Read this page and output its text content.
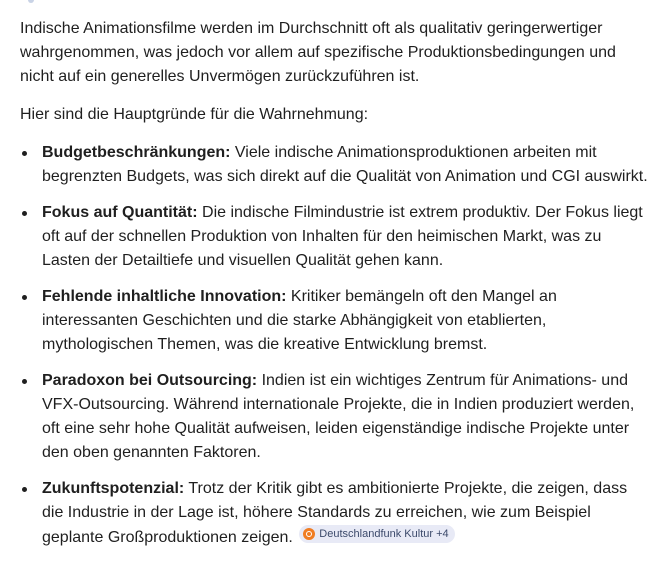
Indische Animationsfilme werden im Durchschnitt oft als qualitativ geringerwertiger wahrgenommen, was jedoch vor allem auf spezifische Produktionsbedingungen und nicht auf ein generelles Unvermögen zurückzuführen ist.

Hier sind die Hauptgründe für die Wahrnehmung:

Budgetbeschränkungen: Viele indische Animationsproduktionen arbeiten mit begrenzten Budgets, was sich direkt auf die Qualität von Animation und CGI auswirkt.
Fokus auf Quantität: Die indische Filmindustrie ist extrem produktiv. Der Fokus liegt oft auf der schnellen Produktion von Inhalten für den heimischen Markt, was zu Lasten der Detailtiefe und visuellen Qualität gehen kann.
Fehlende inhaltliche Innovation: Kritiker bemängeln oft den Mangel an interessanten Geschichten und die starke Abhängigkeit von etablierten, mythologischen Themen, was die kreative Entwicklung bremst.
Paradoxon bei Outsourcing: Indien ist ein wichtiges Zentrum für Animations- und VFX-Outsourcing. Während internationale Projekte, die in Indien produziert werden, oft eine sehr hohe Qualität aufweisen, leiden eigenständige indische Projekte unter den oben genannten Faktoren.
Zukunftspotenzial: Trotz der Kritik gibt es ambitionierte Projekte, die zeigen, dass die Industrie in der Lage ist, höhere Standards zu erreichen, wie zum Beispiel geplante Großproduktionen zeigen. Deutschlandfunk Kultur +4
